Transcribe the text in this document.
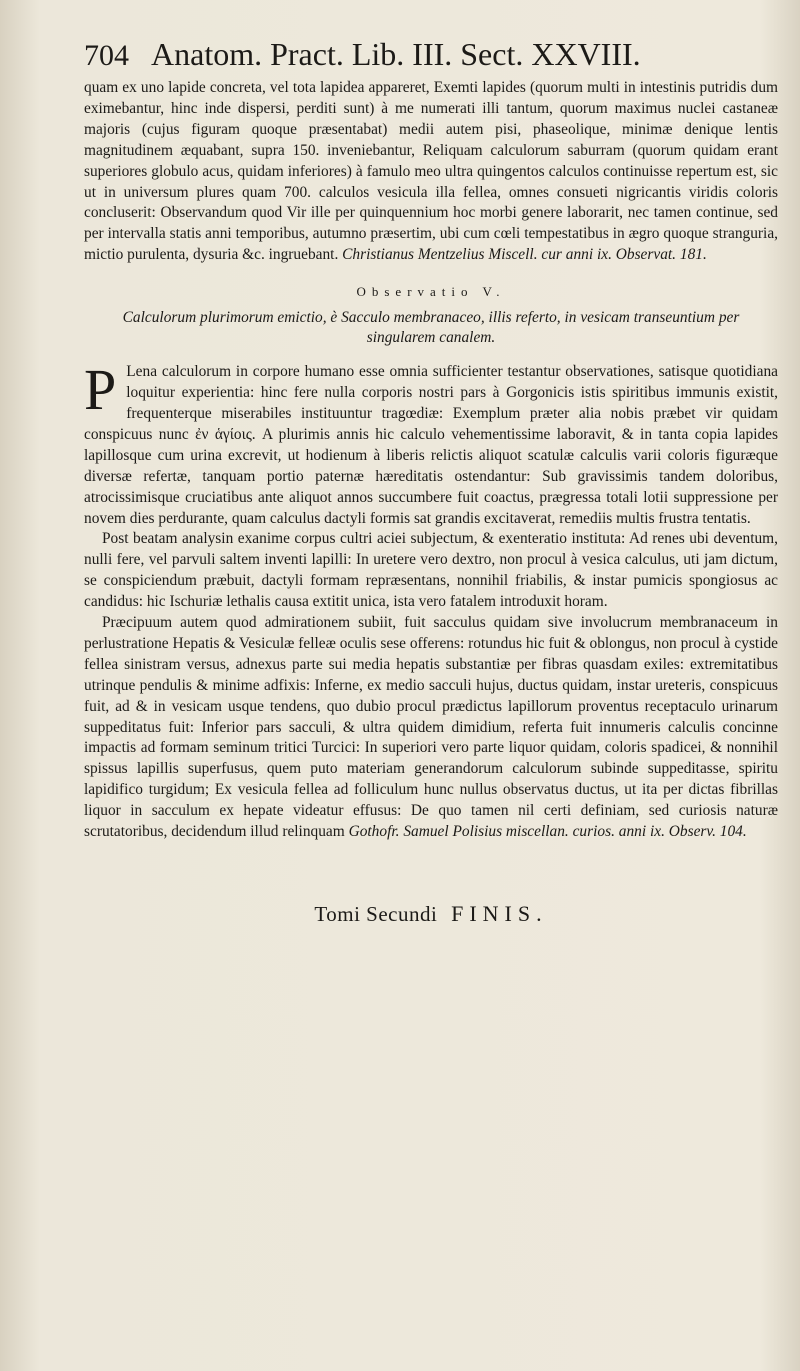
704 Anatom. Pract. Lib. III. Sect. XXVIII.

quam ex uno lapide concreta, vel tota lapidea appareret, Exemti lapides (quorum multi in intestinis putridis dum eximebantur, hinc inde dispersi, perditi sunt) à me numerati illi tantum, quorum maximus nuclei castaneæ majoris (cujus figuram quoque præsentabat) medii autem pisi, phaseolique, minimæ denique lentis magnitudinem æquabant, supra 150. inveniebantur, Reliquam calculorum saburram (quorum quidam erant superiores globulo acus, quidam inferiores) à famulo meo ultra quingentos calculos continuisse repertum est, sic ut in universum plures quam 700. calculos vesicula illa fellea, omnes consueti nigricantis viridis coloris concluserit: Observandum quod Vir ille per quinquennium hoc morbi genere laborarit, nec tamen continue, sed per intervalla statis anni temporibus, autumno præsertim, ubi cum cœli tempestatibus in ægro quoque stranguria, mictio purulenta, dysuria &c. ingruebant. Christianus Mentzelius Miscell. cur anni ix. Observat. 181.

Observatio V.
Calculorum plurimorum emictio, è Sacculo membranaceo, illis referto, in vesicam transeuntium per singularem canalem.

P Lena calculorum in corpore humano esse omnia sufficienter testantur observationes, satisque quotidiana loquitur experientia: hinc fere nulla corporis nostri pars à Gorgonicis istis spiritibus immunis existit, frequenterque miserabiles instituuntur tragœdiæ: Exemplum præter alia nobis præbet vir quidam conspicuus nunc ἐν ἁγίοις. A plurimis annis hic calculo vehementissime laboravit, & in tanta copia lapides lapillosque cum urina excrevit, ut hodienum à liberis relictis aliquot scatulæ calculis varii coloris figuræque diversæ refertæ, tanquam portio paternæ hæreditatis ostendantur: Sub gravissimis tandem doloribus, atrocissimisque cruciatibus ante aliquot annos succumbere fuit coactus, prægressa totali lotii suppressione per novem dies perdurante, quam calculus dactyli formis sat grandis excitaverat, remediis multis frustra tentatis.

Post beatam analysin exanime corpus cultri aciei subjectum, & exenteratio instituta: Ad renes ubi deventum, nulli fere, vel parvuli saltem inventi lapilli: In uretere vero dextro, non procul à vesica calculus, uti jam dictum, se conspiciendum præbuit, dactyli formam repræsentans, nonnihil friabilis, & instar pumicis spongiosus ac candidus: hic Ischuriæ lethalis causa extitit unica, ista vero fatalem introduxit horam.

Præcipuum autem quod admirationem subiit, fuit sacculus quidam sive involucrum membranaceum in perlustratione Hepatis & Vesiculæ felleæ oculis sese offerens: rotundus hic fuit & oblongus, non procul à cystide fellea sinistram versus, adnexus parte sui media hepatis substantiæ per fibras quasdam exiles: extremitatibus utrinque pendulis & minime adfixis: Inferne, ex medio sacculi hujus, ductus quidam, instar ureteris, conspicuus fuit, ad & in vesicam usque tendens, quo dubio procul prædictus lapillorum proventus receptaculo urinarum suppeditatus fuit: Inferior pars sacculi, & ultra quidem dimidium, referta fuit innumeris calculis concinne impactis ad formam seminum tritici Turcici: In superiori vero parte liquor quidam, coloris spadicei, & nonnihil spissus lapillis superfusus, quem puto materiam generandorum calculorum subinde suppeditasse, spiritu lapidifico turgidum; Ex vesicula fellea ad folliculum hunc nullus observatus ductus, ut ita per dictas fibrillas liquor in sacculum ex hepate videatur effusus: De quo tamen nil certi definiam, sed curiosis naturæ scrutatoribus, decidendum illud relinquam Gothofr. Samuel Polisius miscellan. curios. anni ix. Observ. 104.

Tomi Secundi FINIS.
